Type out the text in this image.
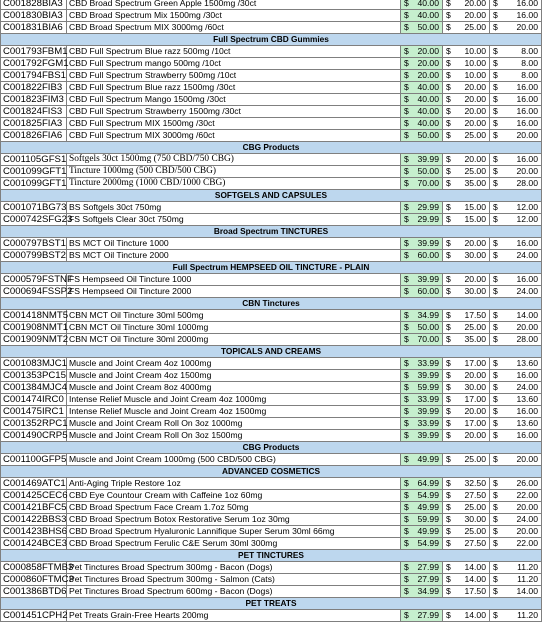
C001828BIA3	CBD Broad Spectrum Green Apple 1500mg /30ct	$	40.00	$	20.00	$	16.00
C001830BIA3	CBD Broad Spectrum Mix 1500mg /30ct	$	40.00	$	20.00	$	16.00
C001831BIA6	CBD Broad Spectrum MIX 3000mg /60ct	$	50.00	$	25.00	$	20.00
Full Spectrum CBD Gummies							
C001793FBM1	CBD Full Spectrum Blue razz 500mg /10ct	$	20.00	$	10.00	$	8.00
C001792FGM1	CBD Full Spectrum mango 500mg /10ct	$	20.00	$	10.00	$	8.00
C001794FBS1	CBD Full Spectrum Strawberry 500mg /10ct	$	20.00	$	10.00	$	8.00
C001822FIB3	CBD Full Spectrum Blue razz 1500mg /30ct	$	40.00	$	20.00	$	16.00
C001823FIM3	CBD Full Spectrum Mango 1500mg /30ct	$	40.00	$	20.00	$	16.00
C001824FIS3	CBD Full Spectrum Strawberry 1500mg /30ct	$	40.00	$	20.00	$	16.00
C001825FIA3	CBD Full Spectrum MIX 1500mg /30ct	$	40.00	$	20.00	$	16.00
C001826FIA6	CBD Full Spectrum MIX 3000mg /60ct	$	50.00	$	25.00	$	20.00
CBG Products							
C001105GFS1	Softgels 30ct 1500mg (750 CBD/750 CBG)	$	39.99	$	20.00	$	16.00
C001099GFT1	Tincture 1000mg (500 CBD/500 CBG)	$	50.00	$	25.00	$	20.00
C001099GFT1	Tincture 2000mg (1000 CBD/1000 CBG)	$	70.00	$	35.00	$	28.00
SOFTGELS AND CAPSULES							
C001071BG73	BS Softgels 30ct 750mg	$	29.99	$	15.00	$	12.00
C000742SFG23	FS Softgels Clear 30ct 750mg	$	29.99	$	15.00	$	12.00
Broad Spectrum TINCTURES							
C000797BST1	BS MCT Oil Tincture 1000	$	39.99	$	20.00	$	16.00
C000799BST2	BS MCT Oil Tincture 2000	$	60.00	$	30.00	$	24.00
Full Spectrum HEMPSEED OIL TINCTURE - PLAIN							
C000579FSTNF	FS Hempseed Oil Tincture 1000	$	39.99	$	20.00	$	16.00
C000694FSSP2	FS Hempseed Oil Tincture 2000	$	60.00	$	30.00	$	24.00
CBN Tinctures							
C001418NMT5	CBN MCT Oil Tincture 30ml 500mg	$	34.99	$	17.50	$	14.00
C001908NMT1	CBN MCT Oil Tincture 30ml 1000mg	$	50.00	$	25.00	$	20.00
C001909NMT2	CBN MCT Oil Tincture 30ml 2000mg	$	70.00	$	35.00	$	28.00
TOPICALS AND CREAMS							
C001083MJC1	Muscle and Joint Cream 4oz 1000mg	$	33.99	$	17.00	$	13.60
C001353PC15	Muscle and Joint Cream 4oz 1500mg	$	39.99	$	20.00	$	16.00
C001384MJC4	Muscle and Joint Cream 8oz 4000mg	$	59.99	$	30.00	$	24.00
C001474IRC0	Intense Relief Muscle and Joint Cream 4oz 1000mg	$	33.99	$	17.00	$	13.60
C001475IRC1	Intense Relief Muscle and Joint Cream 4oz 1500mg	$	39.99	$	20.00	$	16.00
C001352RPC1	Muscle and Joint Cream Roll On 3oz 1000mg	$	33.99	$	17.00	$	13.60
C001490CRP5	Muscle and Joint Cream Roll On 3oz 1500mg	$	39.99	$	20.00	$	16.00
CBG Products							
C001100GFP5	Muscle and Joint Cream 1000mg (500 CBD/500 CBG)	$	49.99	$	25.00	$	20.00
ADVANCED COSMETICS							
C001469ATC1	Anti-Aging Triple Restore 1oz	$	64.99	$	32.50	$	26.00
C001425CEC6	CBD Eye Countour Cream with Caffeine 1oz 60mg	$	54.99	$	27.50	$	22.00
C001421BFC5	CBD Broad Spectrum Face Cream 1.7oz 50mg	$	49.99	$	25.00	$	20.00
C001422BBS3	CBD Broad Spectrum Botox Restorative Serum 1oz 30mg	$	59.99	$	30.00	$	24.00
C001423BHS6	CBD Broad Spectrum Hyaluronic Lannifique Super Serum 30ml 66mg	$	49.99	$	25.00	$	20.00
C001424BCE3	CBD Broad Spectrum Ferulic C&E Serum 30ml 300mg	$	54.99	$	27.50	$	22.00
PET TINCTURES							
C000858FTMB3	Pet Tinctures Broad Spectrum 300mg - Bacon (Dogs)	$	27.99	$	14.00	$	11.20
C000860FTMC3	Pet Tinctures Broad Spectrum 300mg - Salmon (Cats)	$	27.99	$	14.00	$	11.20
C001386BTD6	Pet Tinctures Broad Spectrum 600mg - Bacon (Dogs)	$	34.99	$	17.50	$	14.00
PET TREATS							
C001451CPH2	Pet Treats Grain-Free Hearts 200mg	$	27.99	$	14.00	$	11.20
